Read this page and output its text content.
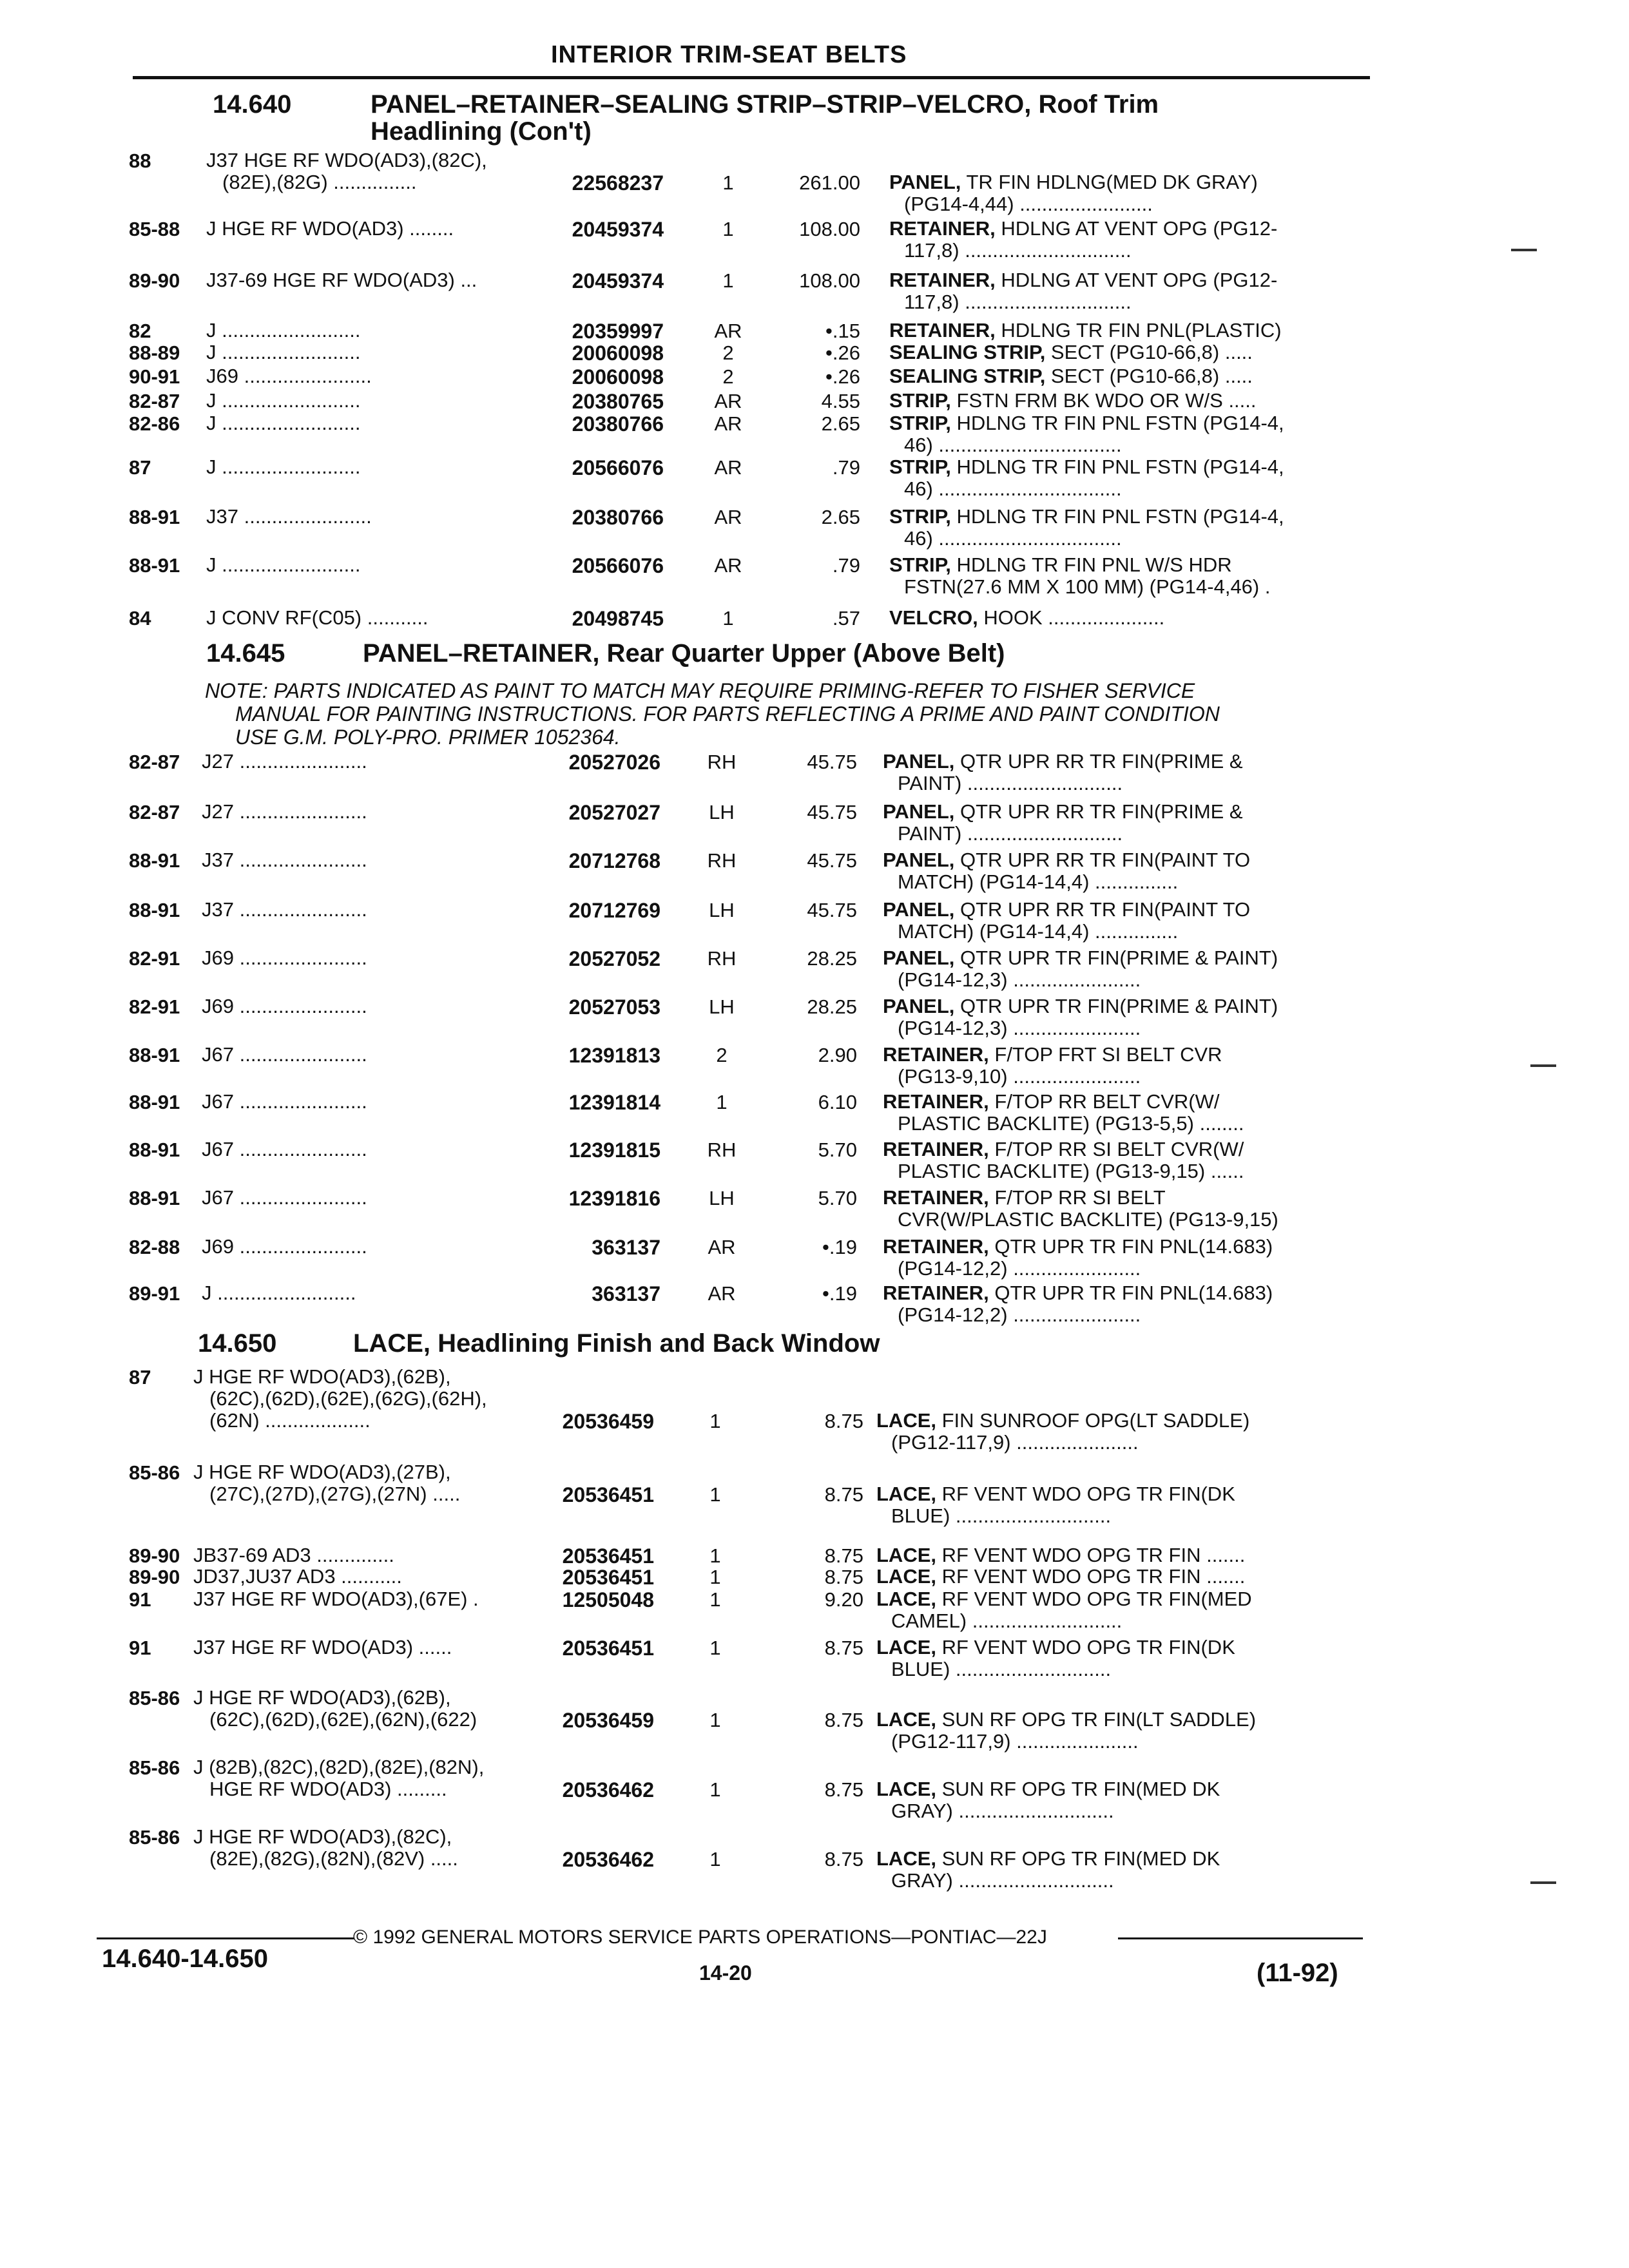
INTERIOR TRIM-SEAT BELTS
14.640	PANEL–RETAINER–SEALING STRIP–STRIP–VELCRO, Roof Trim
Headlining (Con't)
88	J37 HGE RF WDO(AD3),(82C),
(82E),(82G) ...............	22568237	1	261.00 PANEL, TR FIN HDLNG(MED DK GRAY)
(PG14-4,44) ........................
85-88 J HGE RF WDO(AD3) ........	20459374	1	108.00 RETAINER, HDLNG AT VENT OPG (PG12-
117,8) ..............................
89-90 J37-69 HGE RF WDO(AD3) ...	20459374	1	108.00 RETAINER, HDLNG AT VENT OPG (PG12-
117,8) ..............................
82	J .........................	20359997	AR	•.15 RETAINER, HDLNG TR FIN PNL(PLASTIC)
88-89 J .........................	20060098	2	•.26 SEALING STRIP, SECT (PG10-66,8) .....
90-91 J69 .......................	20060098	2	•.26 SEALING STRIP, SECT (PG10-66,8) .....
82-87 J .........................	20380765	AR	4.55 STRIP, FSTN FRM BK WDO OR W/S .....
82-86 J .........................	20380766	AR	2.65 STRIP, HDLNG TR FIN PNL FSTN (PG14-4,
46) .................................
87	J .........................	20566076	AR	.79 STRIP, HDLNG TR FIN PNL FSTN (PG14-4,
46) .................................
88-91 J37 .......................	20380766	AR	2.65 STRIP, HDLNG TR FIN PNL FSTN (PG14-4,
46) .................................
88-91 J .........................	20566076	AR	.79 STRIP, HDLNG TR FIN PNL W/S HDR
FSTN(27.6 MM X 100 MM) (PG14-4,46) .
84	J CONV RF(C05) ...........	20498745	1	.57 VELCRO, HOOK .....................
14.645	PANEL–RETAINER, Rear Quarter Upper (Above Belt)
NOTE: PARTS INDICATED AS PAINT TO MATCH MAY REQUIRE PRIMING-REFER TO FISHER SERVICE
MANUAL FOR PAINTING INSTRUCTIONS. FOR PARTS REFLECTING A PRIME AND PAINT CONDITION
USE G.M. POLY-PRO. PRIMER 1052364.
82-87 J27 .......................	20527026	RH	45.75 PANEL, QTR UPR RR TR FIN(PRIME &
PAINT) ............................
82-87 J27 .......................	20527027	LH	45.75 PANEL, QTR UPR RR TR FIN(PRIME &
PAINT) ............................
88-91 J37 .......................	20712768	RH	45.75 PANEL, QTR UPR RR TR FIN(PAINT TO
MATCH) (PG14-14,4) ...............
88-91 J37 .......................	20712769	LH	45.75 PANEL, QTR UPR RR TR FIN(PAINT TO
MATCH) (PG14-14,4) ...............
82-91 J69 .......................	20527052	RH	28.25 PANEL, QTR UPR TR FIN(PRIME & PAINT)
(PG14-12,3) .......................
82-91 J69 .......................	20527053	LH	28.25 PANEL, QTR UPR TR FIN(PRIME & PAINT)
(PG14-12,3) .......................
88-91 J67 .......................	12391813	2	2.90 RETAINER, F/TOP FRT SI BELT CVR
(PG13-9,10) .......................
88-91 J67 .......................	12391814	1	6.10 RETAINER, F/TOP RR BELT CVR(W/
PLASTIC BACKLITE) (PG13-5,5) ........
88-91 J67 .......................	12391815	RH	5.70 RETAINER, F/TOP RR SI BELT CVR(W/
PLASTIC BACKLITE) (PG13-9,15) ......
88-91 J67 .......................	12391816	LH	5.70 RETAINER, F/TOP RR SI BELT
CVR(W/PLASTIC BACKLITE) (PG13-9,15)
82-88 J69 .......................	363137	AR	•.19 RETAINER, QTR UPR TR FIN PNL(14.683)
(PG14-12,2) .......................
89-91 J .........................	363137	AR	•.19 RETAINER, QTR UPR TR FIN PNL(14.683)
(PG14-12,2) .......................
14.650	LACE, Headlining Finish and Back Window
87 J HGE RF WDO(AD3),(62B),
(62C),(62D),(62E),(62G),(62H),
(62N) ...................	20536459	1	8.75 LACE, FIN SUNROOF OPG(LT SADDLE)
(PG12-117,9) ......................
85-86 J HGE RF WDO(AD3),(27B),
(27C),(27D),(27G),(27N) .....	20536451	1	8.75 LACE, RF VENT WDO OPG TR FIN(DK
BLUE) ............................
89-90 JB37-69 AD3 ..............	20536451	1	8.75 LACE, RF VENT WDO OPG TR FIN .......
89-90 JD37,JU37 AD3 ...........	20536451	1	8.75 LACE, RF VENT WDO OPG TR FIN .......
91 J37 HGE RF WDO(AD3),(67E) .	12505048	1	9.20 LACE, RF VENT WDO OPG TR FIN(MED
CAMEL) ...........................
91 J37 HGE RF WDO(AD3) ......	20536451	1	8.75 LACE, RF VENT WDO OPG TR FIN(DK
BLUE) ............................
85-86 J HGE RF WDO(AD3),(62B),
(62C),(62D),(62E),(62N),(622)	20536459	1	8.75 LACE, SUN RF OPG TR FIN(LT SADDLE)
(PG12-117,9) ......................
85-86 J (82B),(82C),(82D),(82E),(82N),
HGE RF WDO(AD3) .........	20536462	1	8.75 LACE, SUN RF OPG TR FIN(MED DK
GRAY) ............................
85-86 J HGE RF WDO(AD3),(82C),
(82E),(82G),(82N),(82V) .....	20536462	1	8.75 LACE, SUN RF OPG TR FIN(MED DK
GRAY) ............................
© 1992 GENERAL MOTORS SERVICE PARTS OPERATIONS—PONTIAC—22J
14.640-14.650	14-20	(11-92)
